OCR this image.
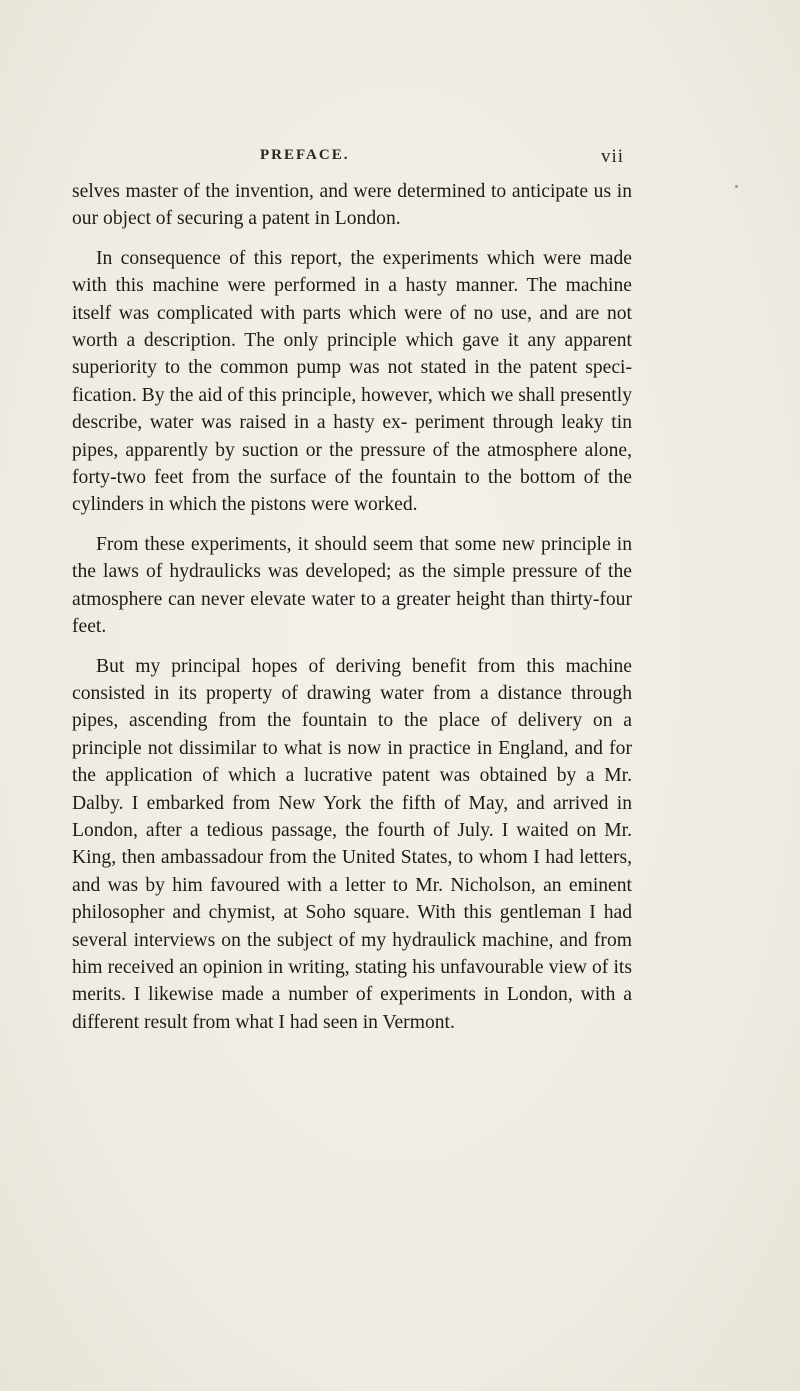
PREFACE.	vii

selves master of the invention, and were determined to anticipate us in our object of securing a patent in London.

In consequence of this report, the experiments which were made with this machine were performed in a hasty manner. The machine itself was complicated with parts which were of no use, and are not worth a description. The only principle which gave it any apparent superiority to the common pump was not stated in the patent speci- fication. By the aid of this principle, however, which we shall presently describe, water was raised in a hasty ex- periment through leaky tin pipes, apparently by suction or the pressure of the atmosphere alone, forty-two feet from the surface of the fountain to the bottom of the cylinders in which the pistons were worked.

From these experiments, it should seem that some new principle in the laws of hydraulicks was developed; as the simple pressure of the atmosphere can never elevate water to a greater height than thirty-four feet.

But my principal hopes of deriving benefit from this machine consisted in its property of drawing water from a distance through pipes, ascending from the fountain to the place of delivery on a principle not dissimilar to what is now in practice in England, and for the application of which a lucrative patent was obtained by a Mr. Dalby. I embarked from New York the fifth of May, and arrived in London, after a tedious passage, the fourth of July. I waited on Mr. King, then ambassadour from the United States, to whom I had letters, and was by him favoured with a letter to Mr. Nicholson, an eminent philosopher and chymist, at Soho square. With this gentleman I had several interviews on the subject of my hydraulick machine, and from him received an opinion in writing, stating his unfavourable view of its merits. I likewise made a number of experiments in London, with a different result from what I had seen in Vermont.
